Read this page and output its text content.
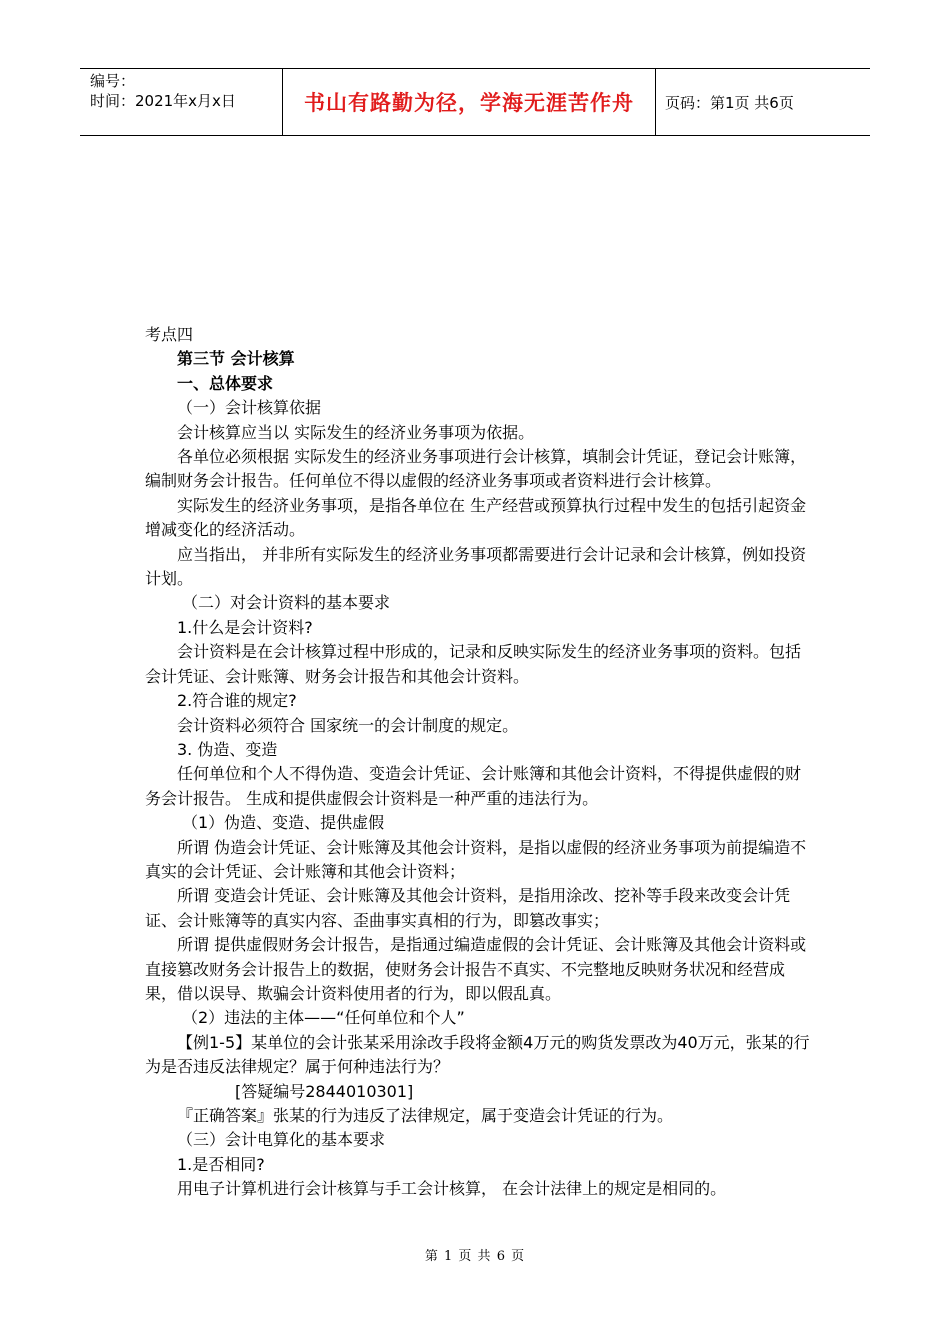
编号：
时间：2021年x月x日	书山有路勤为径，学海无涯苦作舟	页码：第1页 共6页

考点四

第三节 会计核算

一、总体要求

（一）会计核算依据

会计核算应当以 实际发生的经济业务事项为依据。

各单位必须根据 实际发生的经济业务事项进行会计核算，填制会计凭证，登记会计账簿，编制财务会计报告。任何单位不得以虚假的经济业务事项或者资料进行会计核算。

实际发生的经济业务事项，是指各单位在 生产经营或预算执行过程中发生的包括引起资金增减变化的经济活动。

应当指出， 并非所有实际发生的经济业务事项都需要进行会计记录和会计核算，例如投资计划。

（二）对会计资料的基本要求

1.什么是会计资料?

会计资料是在会计核算过程中形成的，记录和反映实际发生的经济业务事项的资料。包括会计凭证、会计账簿、财务会计报告和其他会计资料。

2.符合谁的规定?

会计资料必须符合 国家统一的会计制度的规定。

3. 伪造、变造

任何单位和个人不得伪造、变造会计凭证、会计账簿和其他会计资料，不得提供虚假的财务会计报告。 生成和提供虚假会计资料是一种严重的违法行为。

（1）伪造、变造、提供虚假

所谓 伪造会计凭证、会计账簿及其他会计资料，是指以虚假的经济业务事项为前提编造不真实的会计凭证、会计账簿和其他会计资料；

所谓 变造会计凭证、会计账簿及其他会计资料，是指用涂改、挖补等手段来改变会计凭证、会计账簿等的真实内容、歪曲事实真相的行为，即篡改事实；

所谓 提供虚假财务会计报告，是指通过编造虚假的会计凭证、会计账簿及其他会计资料或直接篡改财务会计报告上的数据，使财务会计报告不真实、不完整地反映财务状况和经营成果，借以误导、欺骗会计资料使用者的行为，即以假乱真。

（2）违法的主体——“任何单位和个人”

【例1-5】某单位的会计张某采用涂改手段将金额4万元的购货发票改为40万元，张某的行为是否违反法律规定？属于何种违法行为？

[答疑编号2844010301]

『正确答案』张某的行为违反了法律规定，属于变造会计凭证的行为。

（三）会计电算化的基本要求

1.是否相同?

用电子计算机进行会计核算与手工会计核算， 在会计法律上的规定是相同的。

第 1 页 共 6 页
